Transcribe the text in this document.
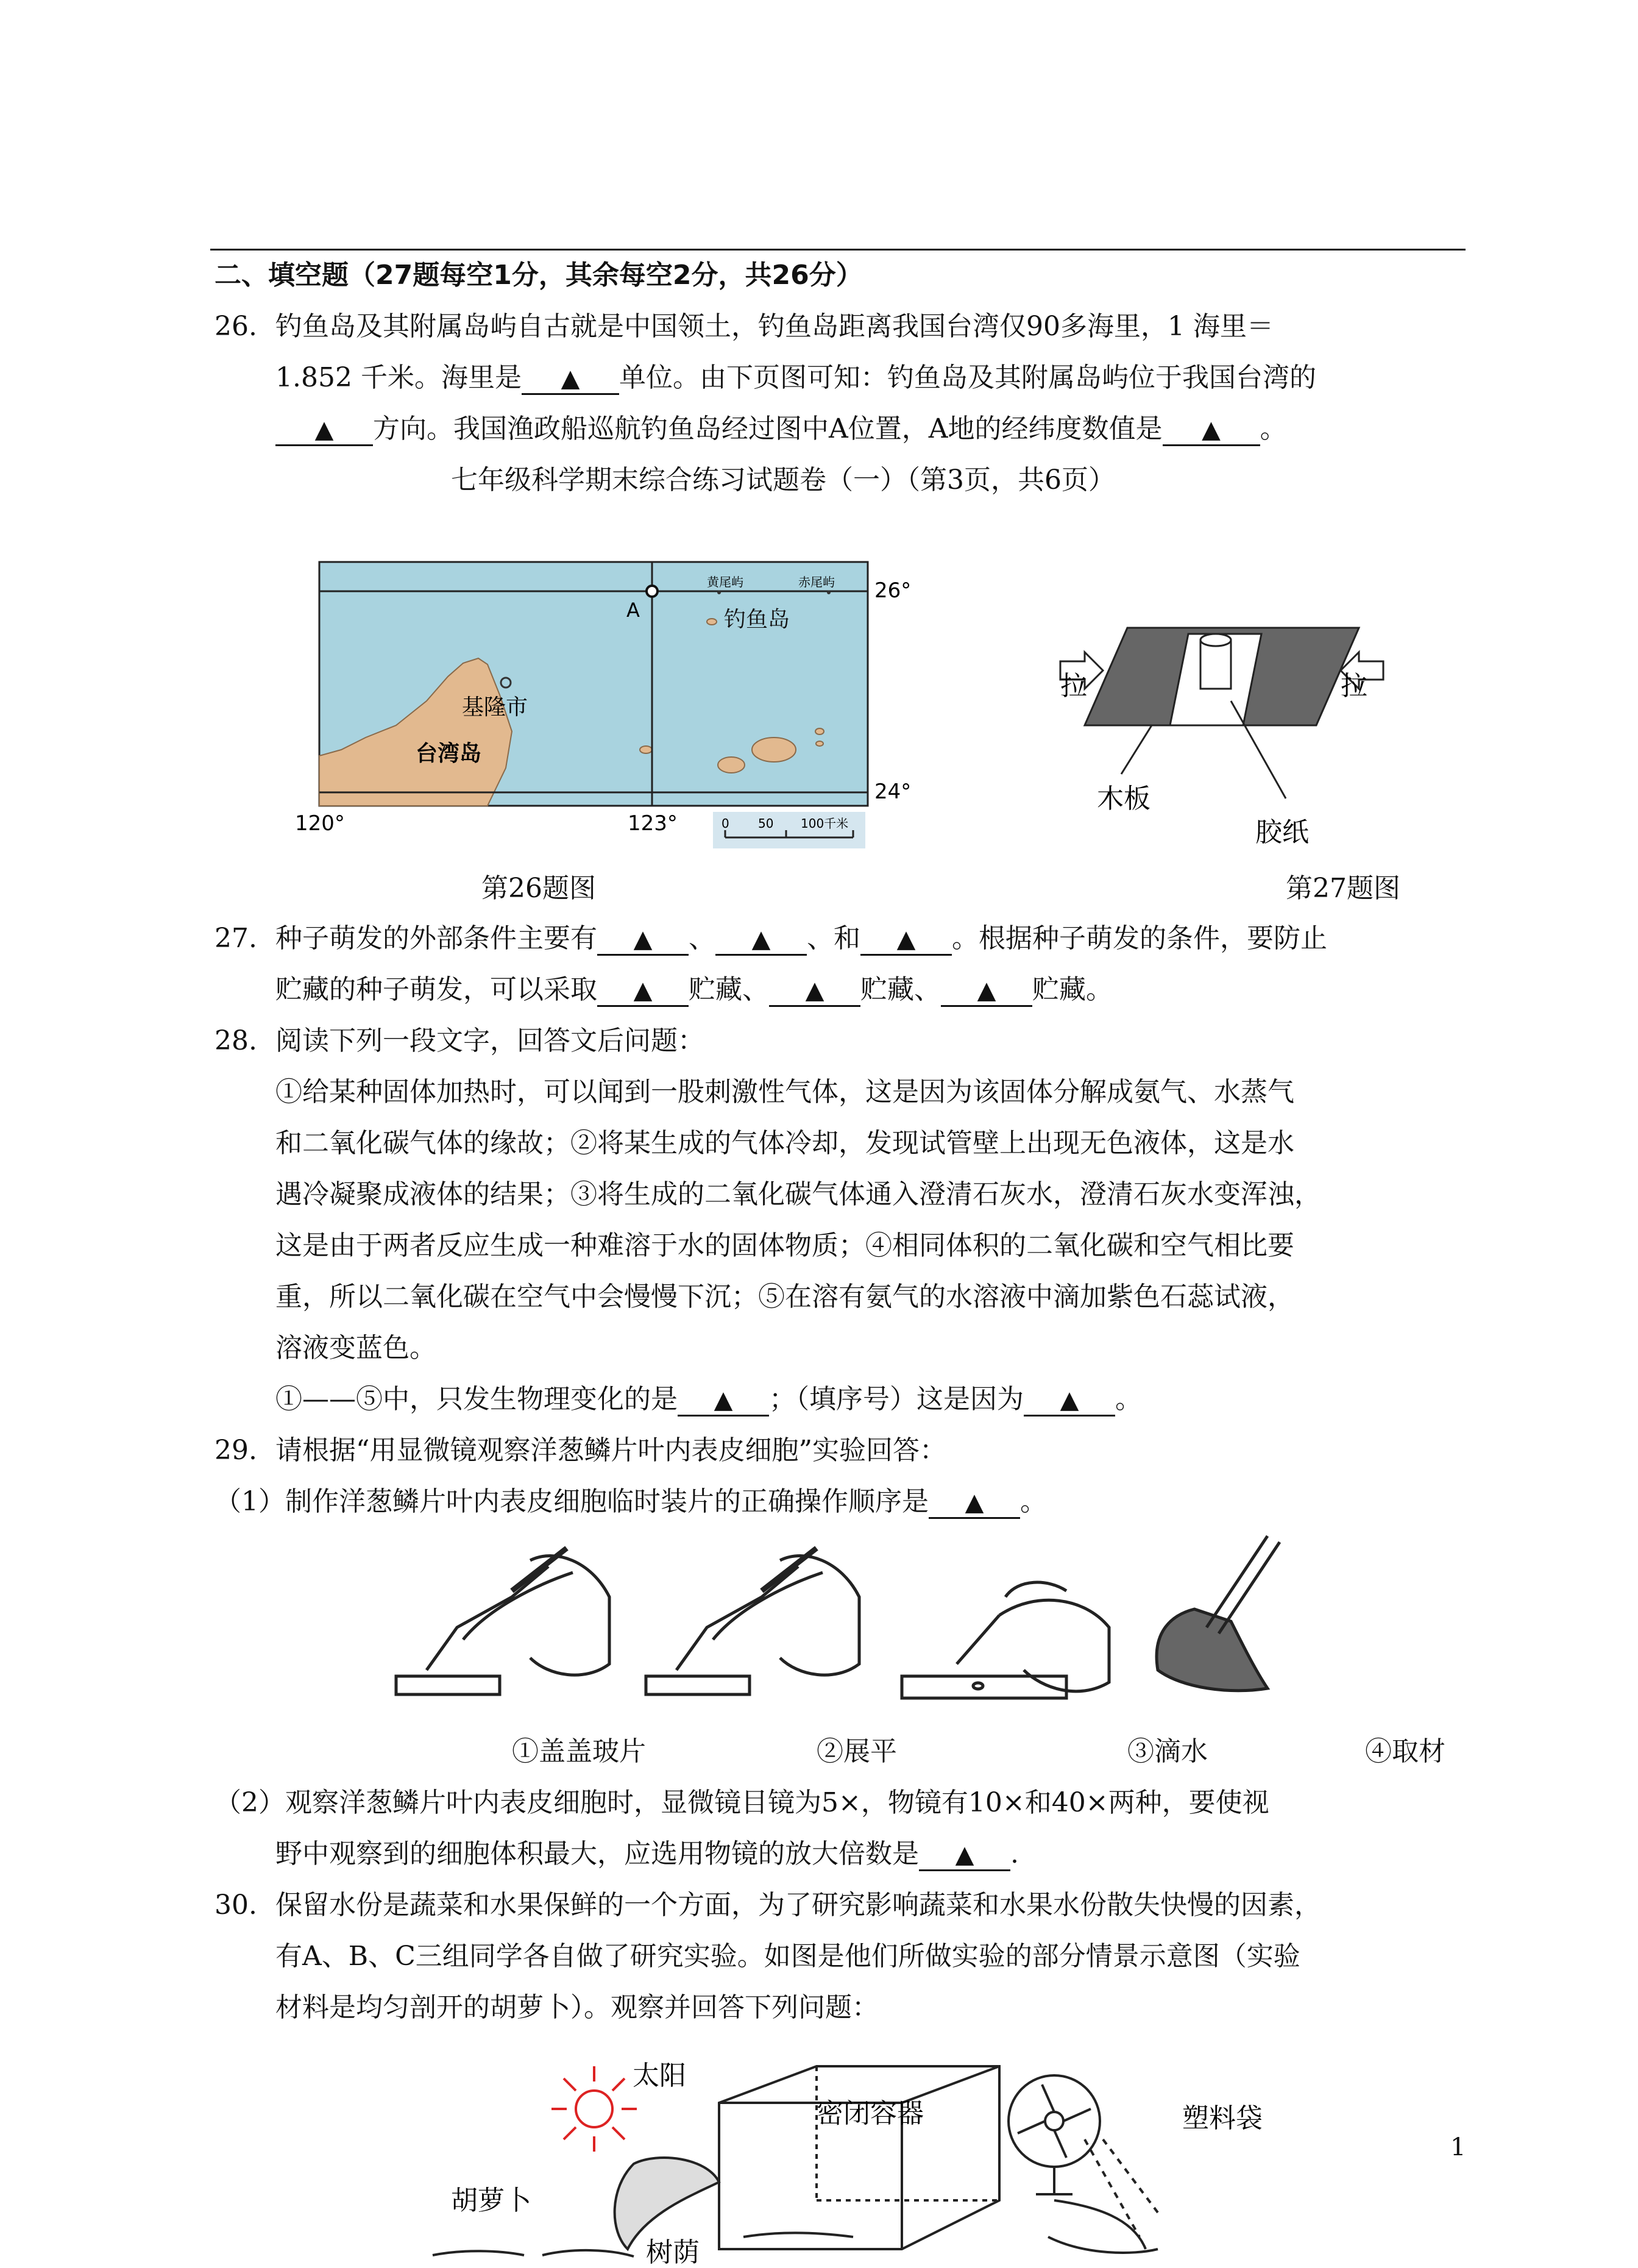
二、填空题（27题每空1分，其余每空2分，共26分）
26. 钓鱼岛及其附属岛屿自古就是中国领土，钓鱼岛距离我国台湾仅90多海里，1 海里＝
1.852 千米。海里是 ▲ 单位。由下页图可知：钓鱼岛及其附属岛屿位于我国台湾的
▲ 方向。我国渔政船巡航钓鱼岛经过图中A位置，A地的经纬度数值是 ▲ 。
七年级科学期末综合练习试题卷（一）（第3页，共6页）
A	钓鱼岛
黄尾屿	赤尾屿
基隆市
台湾岛
26°
24°
120°	123°	0 50 100千米
拉	拉
木板
胶纸
第26题图	第27题图
27. 种子萌发的外部条件主要有 ▲ 、 ▲ 、和 ▲ 。根据种子萌发的条件，要防止
贮藏的种子萌发，可以采取 ▲ 贮藏、 ▲ 贮藏、 ▲ 贮藏。
28. 阅读下列一段文字，回答文后问题：
①给某种固体加热时，可以闻到一股刺激性气体，这是因为该固体分解成氨气、水蒸气
和二氧化碳气体的缘故；②将某生成的气体冷却，发现试管壁上出现无色液体，这是水
遇冷凝聚成液体的结果；③将生成的二氧化碳气体通入澄清石灰水，澄清石灰水变浑浊，
这是由于两者反应生成一种难溶于水的固体物质；④相同体积的二氧化碳和空气相比要
重，所以二氧化碳在空气中会慢慢下沉；⑤在溶有氨气的水溶液中滴加紫色石蕊试液，
溶液变蓝色。
①——⑤中，只发生物理变化的是 ▲ ；（填序号）这是因为 ▲ 。
29. 请根据“用显微镜观察洋葱鳞片叶内表皮细胞”实验回答：
（1）制作洋葱鳞片叶内表皮细胞临时装片的正确操作顺序是 ▲ 。
①盖盖玻片	②展平	③滴水	④取材
（2）观察洋葱鳞片叶内表皮细胞时，显微镜目镜为5×，物镜有10×和40×两种，要使视
野中观察到的细胞体积最大，应选用物镜的放大倍数是 ▲ .
30. 保留水份是蔬菜和水果保鲜的一个方面，为了研究影响蔬菜和水果水份散失快慢的因素，
有A、B、C三组同学各自做了研究实验。如图是他们所做实验的部分情景示意图（实验
材料是均匀剖开的胡萝卜）。观察并回答下列问题：
太阳
胡萝卜
树荫
密闭容器	塑料袋
1
